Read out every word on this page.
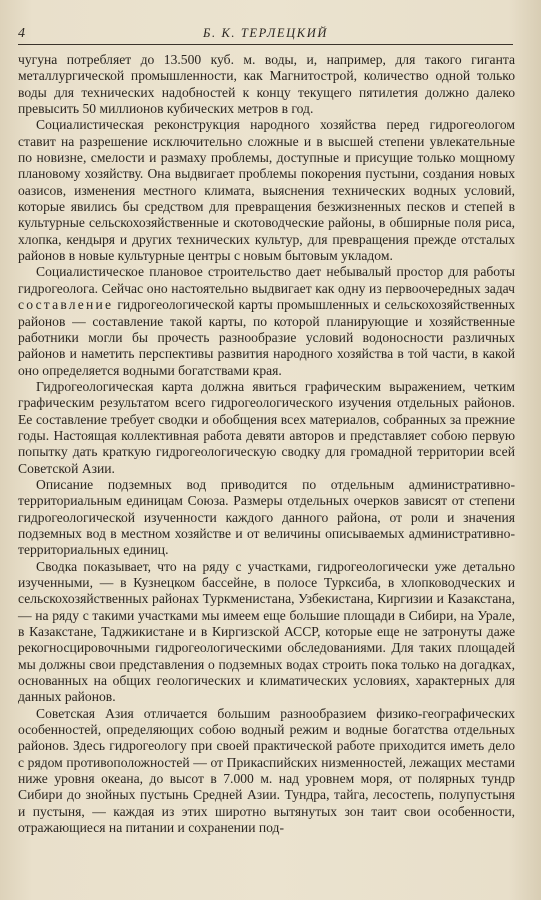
4	Б. К. ТЕРЛЕЦКИЙ

чугуна потребляет до 13.500 куб. м. воды, и, например, для такого гиганта металлургической промышленности, как Магнитострой, количество одной только воды для технических надобностей к концу текущего пятилетия должно далеко превысить 50 миллионов кубических метров в год.

Социалистическая реконструкция народного хозяйства перед гидрогеологом ставит на разрешение исключительно сложные и в высшей степени увлекательные по новизне, смелости и размаху проблемы, доступные и присущие только мощному плановому хозяйству. Она выдвигает проблемы покорения пустыни, создания новых оазисов, изменения местного климата, выяснения технических водных условий, которые явились бы средством для превращения безжизненных песков и степей в культурные сельскохозяйственные и скотоводческие районы, в обширные поля риса, хлопка, кендыря и других технических культур, для превращения прежде отсталых районов в новые культурные центры с новым бытовым укладом.

Социалистическое плановое строительство дает небывалый простор для работы гидрогеолога. Сейчас оно настоятельно выдвигает как одну из первоочередных задач составление гидрогеологической карты промышленных и сельскохозяйственных районов — составление такой карты, по которой планирующие и хозяйственные работники могли бы прочесть разнообразие условий водоносности различных районов и наметить перспективы развития народного хозяйства в той части, в какой оно определяется водными богатствами края.

Гидрогеологическая карта должна явиться графическим выражением, четким графическим результатом всего гидрогеологического изучения отдельных районов. Ее составление требует сводки и обобщения всех материалов, собранных за прежние годы. Настоящая коллективная работа девяти авторов и представляет собою первую попытку дать краткую гидрогеологическую сводку для громадной территории всей Советской Азии.

Описание подземных вод приводится по отдельным административно-территориальным единицам Союза. Размеры отдельных очерков зависят от степени гидрогеологической изученности каждого данного района, от роли и значения подземных вод в местном хозяйстве и от величины описываемых административно-территориальных единиц.

Сводка показывает, что на ряду с участками, гидрогеологически уже детально изученными, — в Кузнецком бассейне, в полосе Турксиба, в хлопководческих и сельскохозяйственных районах Туркменистана, Узбекистана, Киргизии и Казакстана, — на ряду с такими участками мы имеем еще большие площади в Сибири, на Урале, в Казакстане, Таджикистане и в Киргизской АССР, которые еще не затронуты даже рекогносцировочными гидрогеологическими обследованиями. Для таких площадей мы должны свои представления о подземных водах строить пока только на догадках, основанных на общих геологических и климатических условиях, характерных для данных районов.

Советская Азия отличается большим разнообразием физико-географических особенностей, определяющих собою водный режим и водные богатства отдельных районов. Здесь гидрогеологу при своей практической работе приходится иметь дело с рядом противоположностей — от Прикаспийских низменностей, лежащих местами ниже уровня океана, до высот в 7.000 м. над уровнем моря, от полярных тундр Сибири до знойных пустынь Средней Азии. Тундра, тайга, лесостепь, полупустыня и пустыня, — каждая из этих широтно вытянутых зон таит свои особенности, отражающиеся на питании и сохранении под-
